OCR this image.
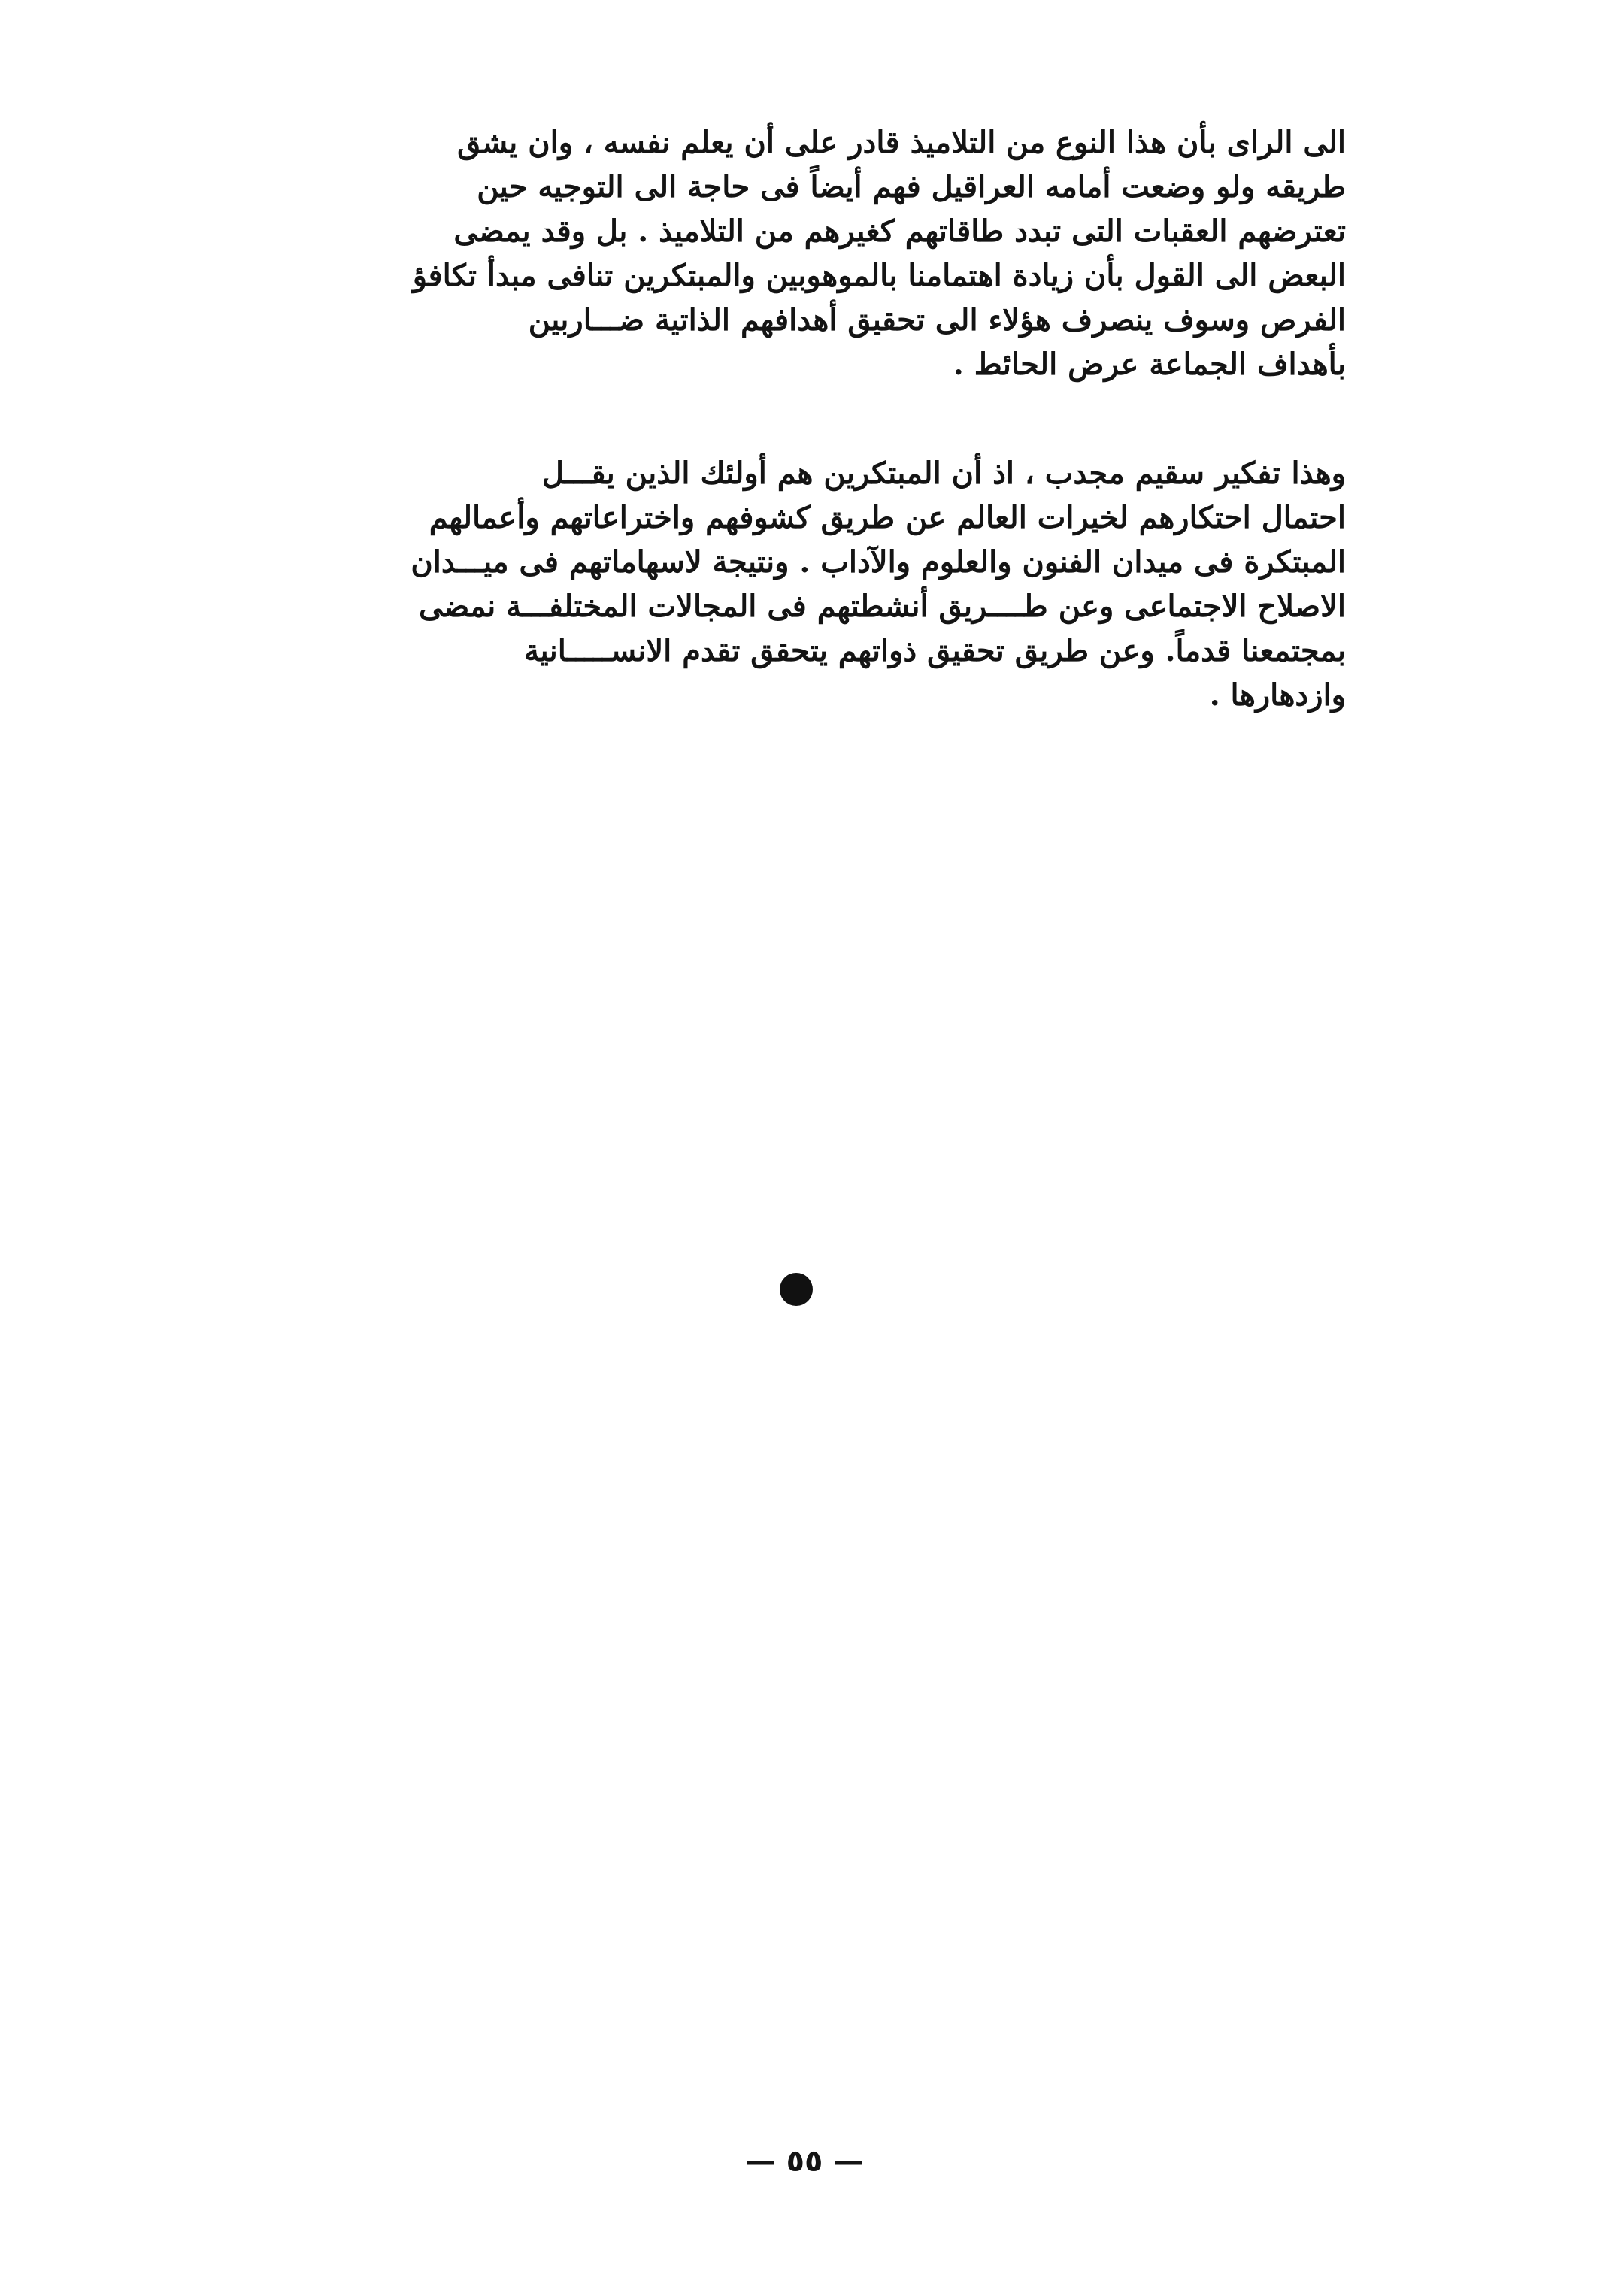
الى الراى بأن هذا النوع من التلاميذ قادر على أن يعلم نفسه ، وان يشق
طريقه ولو وضعت أمامه العراقيل فهم أيضاً فى حاجة الى التوجيه حين
تعترضهم العقبات التى تبدد طاقاتهم كغيرهم من التلاميذ . بل وقد يمضى
البعض الى القول بأن زيادة اهتمامنا بالموهوبين والمبتكرين تنافى مبدأ تكافؤ
الفرص وسوف ينصرف هؤلاء الى تحقيق أهدافهم الذاتية ضـــاربين
بأهداف الجماعة عرض الحائط .
وهذا تفكير سقيم مجدب ، اذ أن المبتكرين هم أولئك الذين يقـــل
احتمال احتكارهم لخيرات العالم عن طريق كشوفهم واختراعاتهم وأعمالهم
المبتكرة فى ميدان الفنون والعلوم والآداب . ونتيجة لاسهاماتهم فى ميـــدان
الاصلاح الاجتماعى وعن طــــريق أنشطتهم فى المجالات المختلفـــة نمضى
بمجتمعنا قدماً. وعن طريق تحقيق ذواتهم يتحقق تقدم الانســـــانية
وازدهارها .
— ٥٥ —
